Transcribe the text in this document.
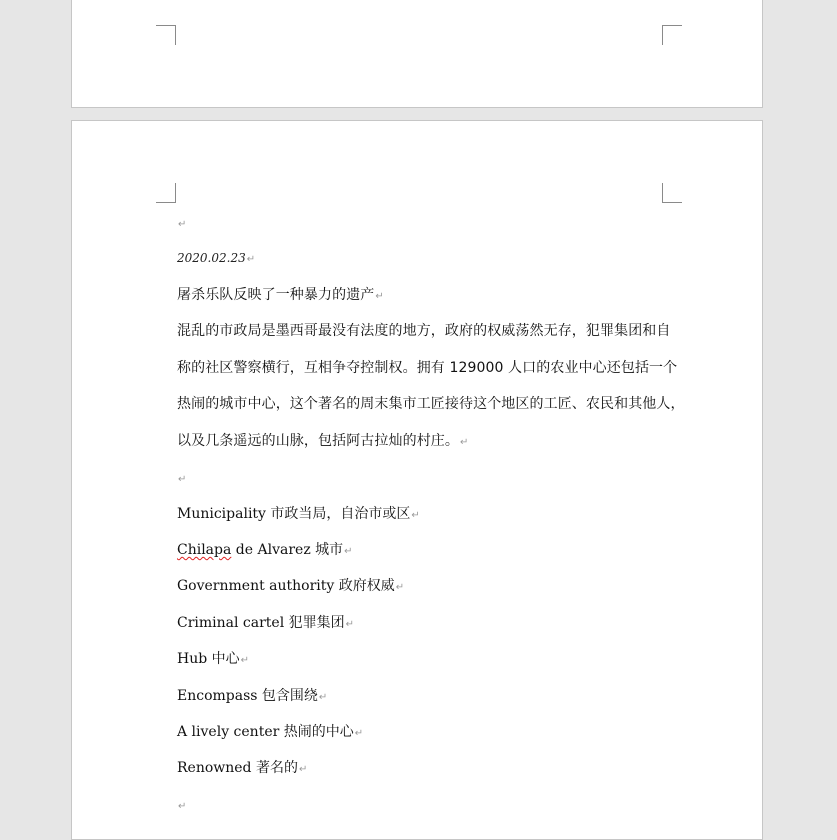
↵
2020.02.23↵
屠杀乐队反映了一种暴力的遗产↵
混乱的市政局是墨西哥最没有法度的地方，政府的权威荡然无存，犯罪集团和自
称的社区警察横行，互相争夺控制权。拥有 129000 人口的农业中心还包括一个
热闹的城市中心，这个著名的周末集市工匠接待这个地区的工匠、农民和其他人，
以及几条遥远的山脉，包括阿古拉灿的村庄。↵
↵
Municipality 市政当局，自治市或区↵
Chilapa de Alvarez 城市↵
Government authority 政府权威↵
Criminal cartel 犯罪集团↵
Hub 中心↵
Encompass 包含围绕↵
A lively center 热闹的中心↵
Renowned 著名的↵
↵
